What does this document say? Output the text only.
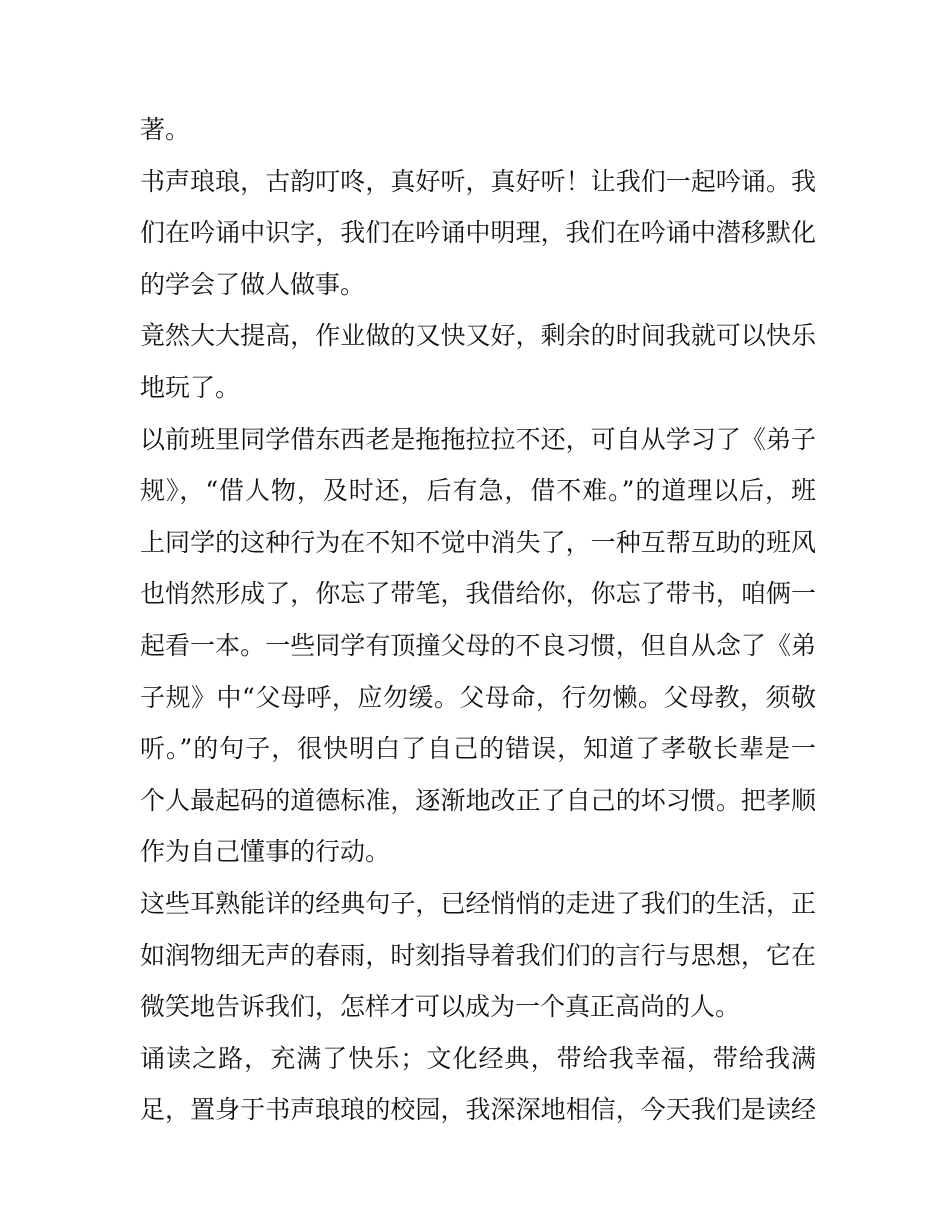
著。
书声琅琅，古韵叮咚，真好听，真好听！让我们一起吟诵。我
们在吟诵中识字，我们在吟诵中明理，我们在吟诵中潜移默化
的学会了做人做事。
竟然大大提高，作业做的又快又好，剩余的时间我就可以快乐
地玩了。
以前班里同学借东西老是拖拖拉拉不还，可自从学习了《弟子
规》，“借人物，及时还，后有急，借不难。”的道理以后，班
上同学的这种行为在不知不觉中消失了，一种互帮互助的班风
也悄然形成了，你忘了带笔，我借给你，你忘了带书，咱俩一
起看一本。一些同学有顶撞父母的不良习惯，但自从念了《弟
子规》中“父母呼，应勿缓。父母命，行勿懒。父母教，须敬
听。”的句子，很快明白了自己的错误，知道了孝敬长辈是一
个人最起码的道德标准，逐渐地改正了自己的坏习惯。把孝顺
作为自己懂事的行动。
这些耳熟能详的经典句子，已经悄悄的走进了我们的生活，正
如润物细无声的春雨，时刻指导着我们们的言行与思想，它在
微笑地告诉我们，怎样才可以成为一个真正高尚的人。
诵读之路，充满了快乐；文化经典，带给我幸福，带给我满
足，置身于书声琅琅的校园，我深深地相信，今天我们是读经
